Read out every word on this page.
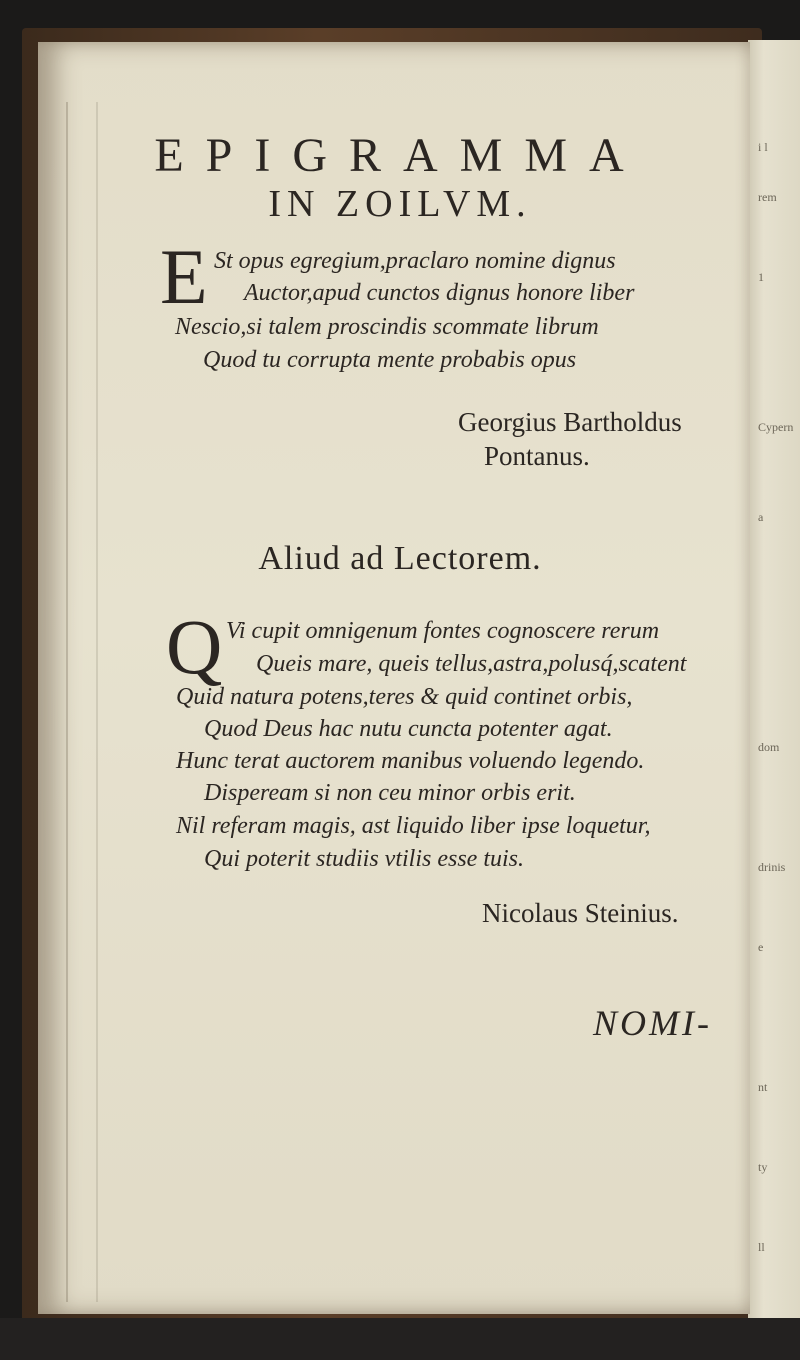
i l
rem
1
Cypern
a
dom
drinis
e
nt
ty
ll
EPIGRAMMA
IN ZOILVM.
E St opus egregium,praclaro nomine dignus
Auctor,apud cunctos dignus honore liber
Nescio,si talem proscindis scommate librum
Quod tu corrupta mente probabis opus
Georgius Bartholdus
Pontanus.
Aliud ad Lectorem.
Q Vi cupit omnigenum fontes cognoscere rerum
Queis mare, queis tellus,astra,polusq́,scatent
Quid natura potens,teres & quid continet orbis,
Quod Deus hac nutu cuncta potenter agat.
Hunc terat auctorem manibus voluendo legendo.
Dispeream si non ceu minor orbis erit.
Nil referam magis, ast liquido liber ipse loquetur,
Qui poterit studiis vtilis esse tuis.
Nicolaus Steinius.
NOMI-
